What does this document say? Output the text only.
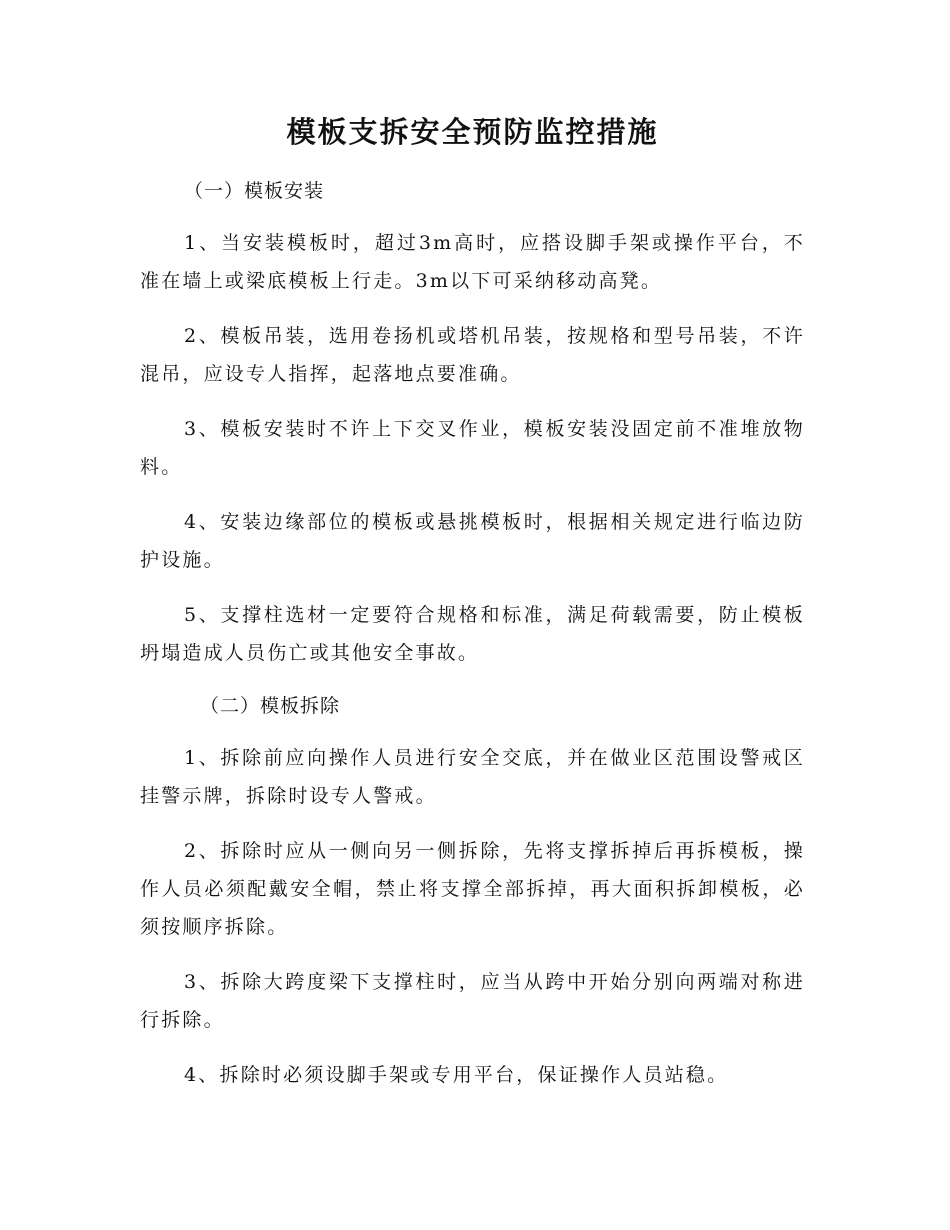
模板支拆安全预防监控措施

（一）模板安装

1、当安装模板时，超过3m高时，应搭设脚手架或操作平台，不准在墙上或梁底模板上行走。3m以下可采纳移动高凳。

2、模板吊装，选用卷扬机或塔机吊装，按规格和型号吊装，不许混吊，应设专人指挥，起落地点要准确。

3、模板安装时不许上下交叉作业，模板安装没固定前不准堆放物料。

4、安装边缘部位的模板或悬挑模板时，根据相关规定进行临边防护设施。

5、支撑柱选材一定要符合规格和标准，满足荷载需要，防止模板坍塌造成人员伤亡或其他安全事故。

（二）模板拆除

1、拆除前应向操作人员进行安全交底，并在做业区范围设警戒区挂警示牌，拆除时设专人警戒。

2、拆除时应从一侧向另一侧拆除，先将支撑拆掉后再拆模板，操作人员必须配戴安全帽，禁止将支撑全部拆掉，再大面积拆卸模板，必须按顺序拆除。

3、拆除大跨度梁下支撑柱时，应当从跨中开始分别向两端对称进行拆除。

4、拆除时必须设脚手架或专用平台，保证操作人员站稳。
